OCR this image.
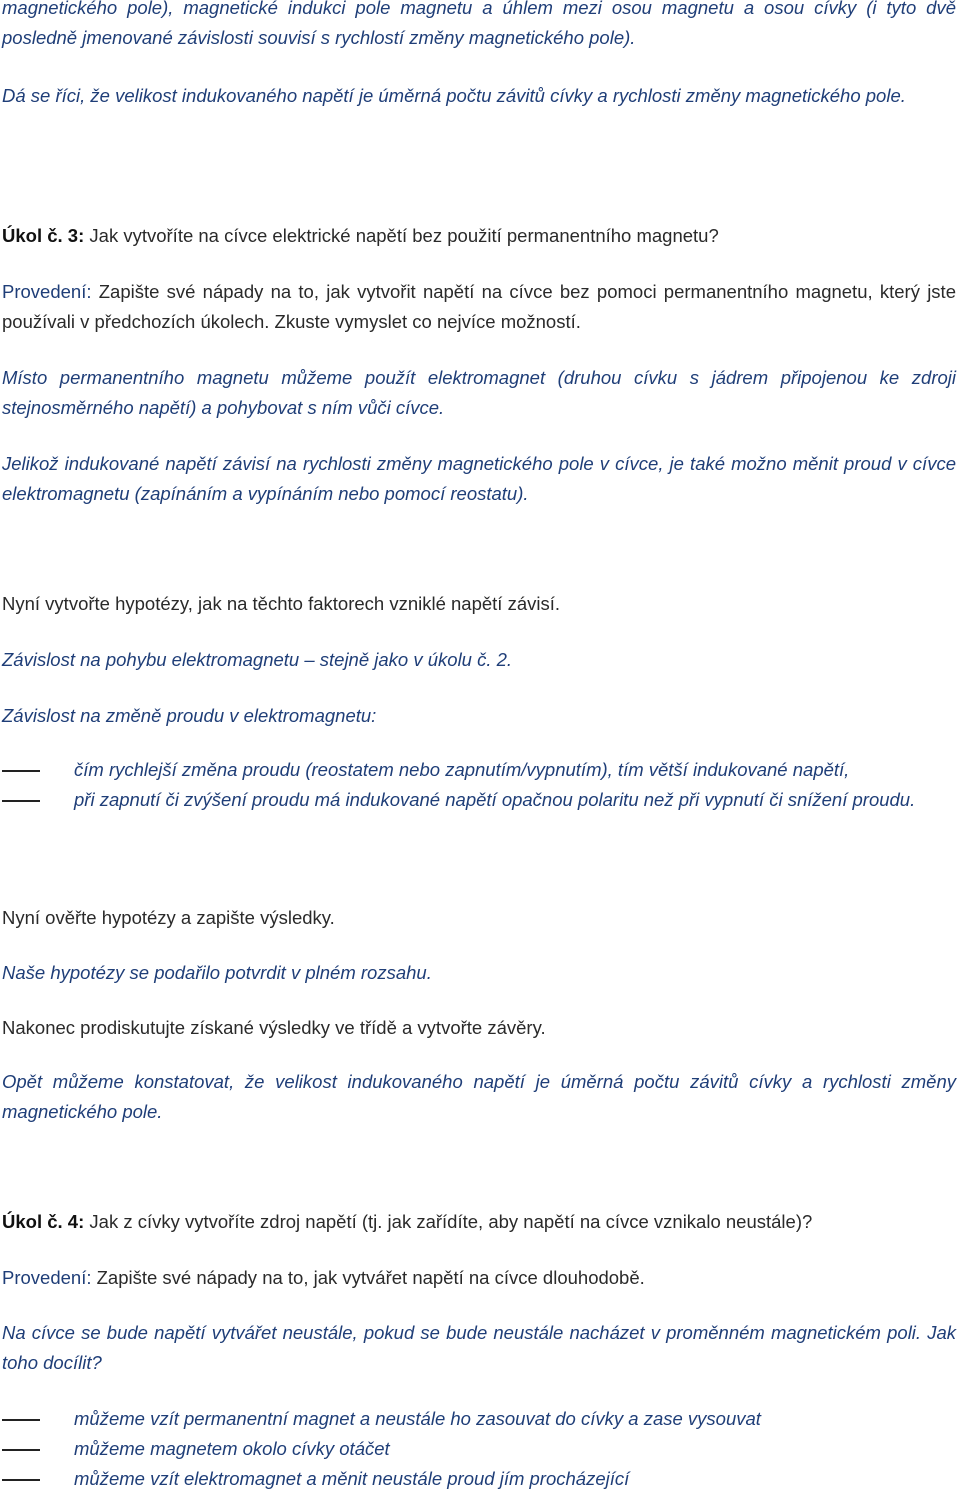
magnetického pole), magnetické indukci pole magnetu a úhlem mezi osou magnetu a osou cívky (i tyto dvě posledně jmenované závislosti souvisí s rychlostí změny magnetického pole).

Dá se říci, že velikost indukovaného napětí je úměrná počtu závitů cívky a rychlosti změny magnetického pole.

Úkol č. 3: Jak vytvoříte na cívce elektrické napětí bez použití permanentního magnetu?

Provedení: Zapište své nápady na to, jak vytvořit napětí na cívce bez pomoci permanentního magnetu, který jste používali v předchozích úkolech. Zkuste vymyslet co nejvíce možností.

Místo permanentního magnetu můžeme použít elektromagnet (druhou cívku s jádrem připojenou ke zdroji stejnosměrného napětí) a pohybovat s ním vůči cívce.

Jelikož indukované napětí závisí na rychlosti změny magnetického pole v cívce, je také možno měnit proud v cívce elektromagnetu (zapínáním a vypínáním nebo pomocí reostatu).

Nyní vytvořte hypotézy, jak na těchto faktorech vzniklé napětí závisí.

Závislost na pohybu elektromagnetu – stejně jako v úkolu č. 2.

Závislost na změně proudu v elektromagnetu:

čím rychlejší změna proudu (reostatem nebo zapnutím/vypnutím), tím větší indukované napětí,
při zapnutí či zvýšení proudu má indukované napětí opačnou polaritu než při vypnutí či snížení proudu.

Nyní ověřte hypotézy a zapište výsledky.

Naše hypotézy se podařilo potvrdit v plném rozsahu.

Nakonec prodiskutujte získané výsledky ve třídě a vytvořte závěry.

Opět můžeme konstatovat, že velikost indukovaného napětí je úměrná počtu závitů cívky a rychlosti změny magnetického pole.

Úkol č. 4: Jak z cívky vytvoříte zdroj napětí (tj. jak zařídíte, aby napětí na cívce vznikalo neustále)?

Provedení: Zapište své nápady na to, jak vytvářet napětí na cívce dlouhodobě.

Na cívce se bude napětí vytvářet neustále, pokud se bude neustále nacházet v proměnném magnetickém poli. Jak toho docílit?

můžeme vzít permanentní magnet a neustále ho zasouvat do cívky a zase vysouvat
můžeme magnetem okolo cívky otáčet
můžeme vzít elektromagnet a měnit neustále proud jím procházející
